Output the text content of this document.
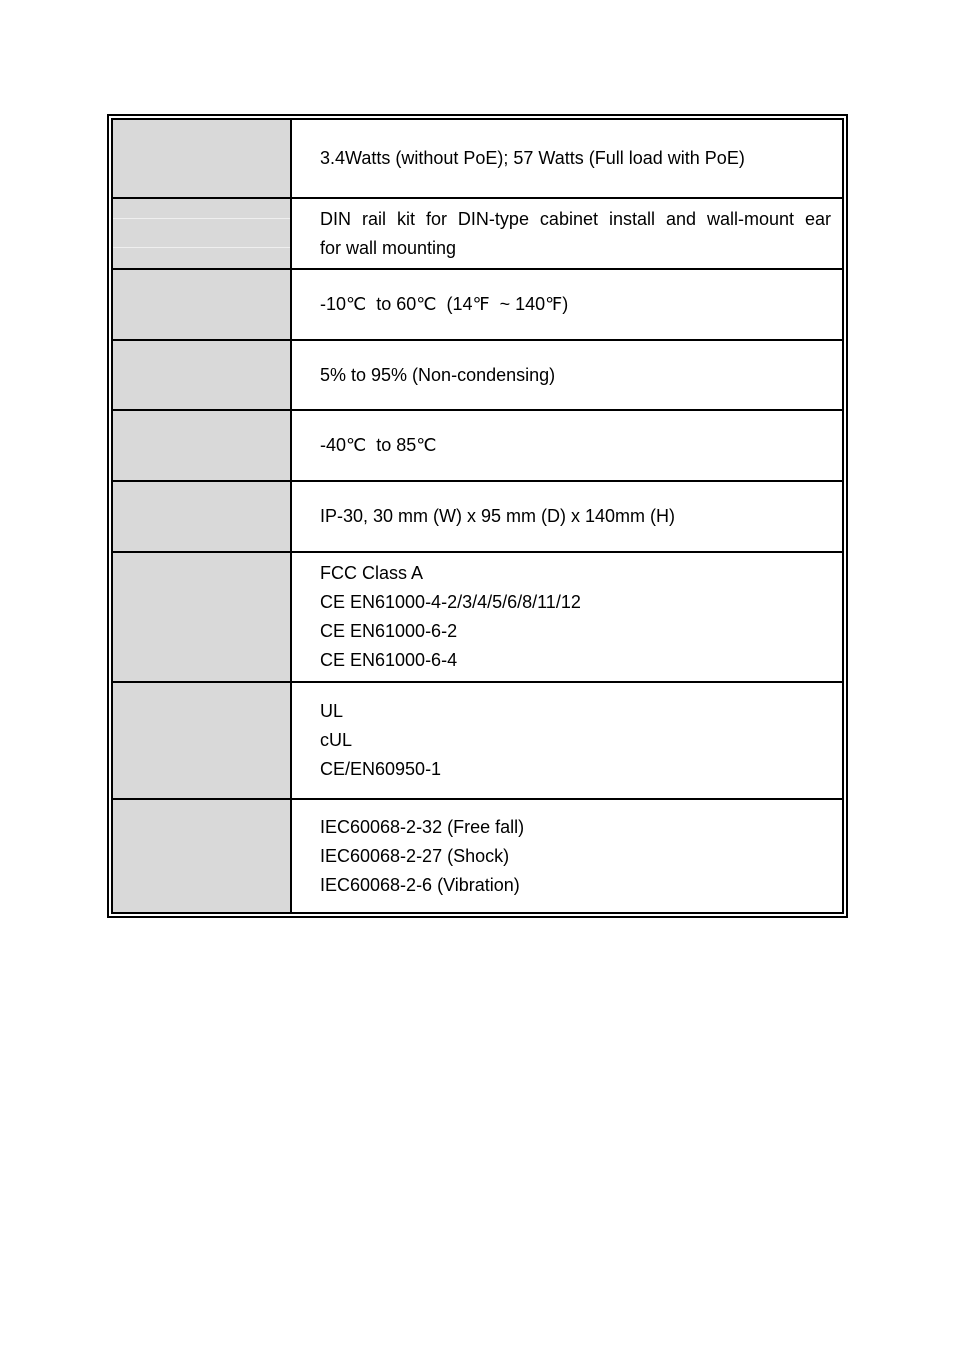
3.4Watts (without PoE); 57 Watts (Full load with PoE)
DIN rail kit for DIN-type cabinet install and wall-mount ear
for wall mounting
-10℃  to 60℃  (14℉  ~ 140℉)
5% to 95% (Non-condensing)
-40℃  to 85℃
IP-30, 30 mm (W) x 95 mm (D) x 140mm (H)
FCC Class A
CE EN61000-4-2/3/4/5/6/8/11/12
CE EN61000-6-2
CE EN61000-6-4
UL
cUL
CE/EN60950-1
IEC60068-2-32 (Free fall)
IEC60068-2-27 (Shock)
IEC60068-2-6 (Vibration)
